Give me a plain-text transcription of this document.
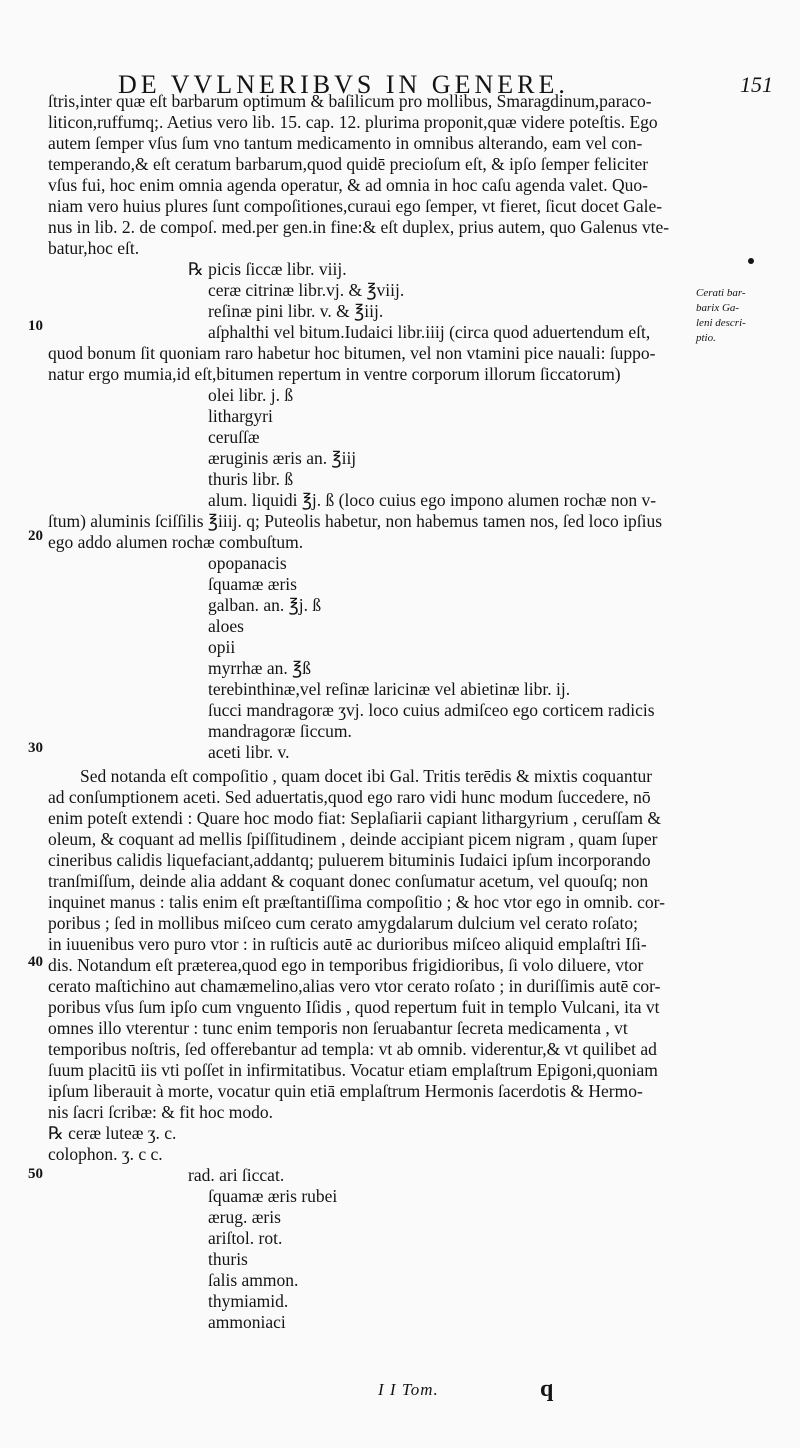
DE VVLNERIBVS IN GENERE.	151
Cerati bar-
barix Ga-
leni descri-
ptio.
10
20
30
40
50
ſtris,inter quæ eſt barbarum optimum & baſilicum pro mollibus, Smaragdinum,paraco-
liticon,ruffumq;. Aetius vero lib. 15. cap. 12. plurima proponit,quæ videre poteſtis. Ego
autem ſemper vſus ſum vno tantum medicamento in omnibus alterando, eam vel con-
temperando,& eſt ceratum barbarum,quod quidē precioſum eſt, & ipſo ſemper feliciter
vſus fui, hoc enim omnia agenda operatur, & ad omnia in hoc caſu agenda valet. Quo-
niam vero huius plures ſunt compoſitiones,curaui ego ſemper, vt fieret, ſicut docet Gale-
nus in lib. 2. de compoſ. med.per gen.in fine:& eſt duplex, prius autem, quo Galenus vte-
batur,hoc eſt.
℞ picis ſiccæ libr. viij.
ceræ citrinæ libr.vj. & ℥viij.
reſinæ pini libr. v. & ℥iij.
aſphalthi vel bitum.Iudaici libr.iiij (circa quod aduertendum eſt,
quod bonum ſit quoniam raro habetur hoc bitumen, vel non vtamini pice nauali: ſuppo-
natur ergo mumia,id eſt,bitumen repertum in ventre corporum illorum ſiccatorum)
olei libr. j. ß
lithargyri
ceruſſæ
æruginis æris an. ℥iij
thuris libr. ß
alum. liquidi ℥j. ß (loco cuius ego impono alumen rochæ non v-
ſtum) aluminis ſciſſilis ℥iiij. q; Puteolis habetur, non habemus tamen nos, ſed loco ipſius
ego addo alumen rochæ combuſtum.
opopanacis
ſquamæ æris
galban. an. ℥j. ß
aloes
opii
myrrhæ an. ℥ß
terebinthinæ,vel reſinæ laricinæ vel abietinæ libr. ij.
ſucci mandragoræ ʒvj. loco cuius admiſceo ego corticem radicis
mandragoræ ſiccum.
aceti libr. v.
Sed notanda eſt compoſitio , quam docet ibi Gal. Tritis terēdis & mixtis coquantur
ad conſumptionem aceti. Sed aduertatis,quod ego raro vidi hunc modum ſuccedere, nō
enim poteſt extendi : Quare hoc modo fiat: Seplaſiarii capiant lithargyrium , ceruſſam &
oleum, & coquant ad mellis ſpiſſitudinem , deinde accipiant picem nigram , quam ſuper
cineribus calidis liquefaciant,addantq; puluerem bituminis Iudaici ipſum incorporando
tranſmiſſum, deinde alia addant & coquant donec conſumatur acetum, vel quouſq; non
inquinet manus : talis enim eſt præſtantiſſima compoſitio ; & hoc vtor ego in omnib. cor-
poribus ; ſed in mollibus miſceo cum cerato amygdalarum dulcium vel cerato roſato;
in iuuenibus vero puro vtor : in ruſticis autē ac durioribus miſceo aliquid emplaſtri Iſi-
dis. Notandum eſt præterea,quod ego in temporibus frigidioribus, ſi volo diluere, vtor
cerato maſtichino aut chamæmelino,alias vero vtor cerato roſato ; in duriſſimis autē cor-
poribus vſus ſum ipſo cum vnguento Iſidis , quod repertum fuit in templo Vulcani, ita vt
omnes illo vterentur : tunc enim temporis non ſeruabantur ſecreta medicamenta , vt
temporibus noſtris, ſed offerebantur ad templa: vt ab omnib. viderentur,& vt quilibet ad
ſuum placitū iis vti poſſet in infirmitatibus. Vocatur etiam emplaſtrum Epigoni,quoniam
ipſum liberauit à morte, vocatur quin etiā emplaſtrum Hermonis ſacerdotis & Hermo-
nis ſacri ſcribæ: & fit hoc modo.
℞ ceræ luteæ ʒ. c.
colophon. ʒ. c c.
rad. ari ſiccat.
ſquamæ æris rubei
ærug. æris
ariſtol. rot.
thuris
ſalis ammon.
thymiamid.
ammoniaci
I I Tom.	q
